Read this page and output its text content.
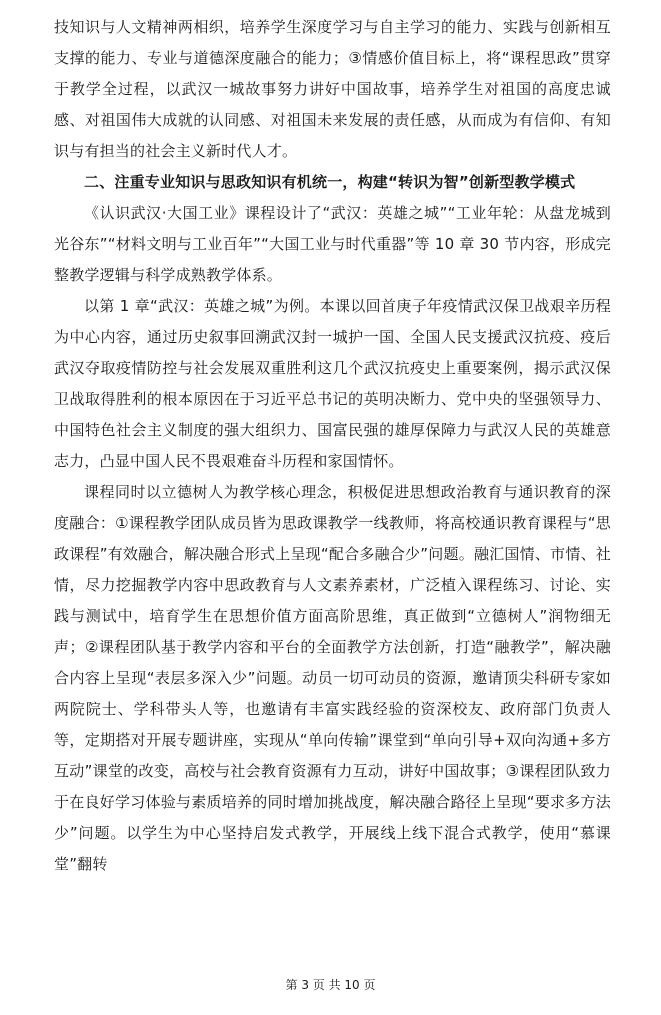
技知识与人文精神两相织，培养学生深度学习与自主学习的能力、实践与创新相互支撑的能力、专业与道德深度融合的能力；③情感价值目标上，将“课程思政”贯穿于教学全过程，以武汉一城故事努力讲好中国故事，培养学生对祖国的高度忠诚感、对祖国伟大成就的认同感、对祖国未来发展的责任感，从而成为有信仰、有知识与有担当的社会主义新时代人才。

二、注重专业知识与思政知识有机统一，构建“转识为智”创新型教学模式

《认识武汉·大国工业》课程设计了“武汉：英雄之城”“工业年轮：从盘龙城到光谷东”“材料文明与工业百年”“大国工业与时代重器”等 10 章 30 节内容，形成完整教学逻辑与科学成熟教学体系。

以第 1 章“武汉：英雄之城”为例。本课以回首庚子年疫情武汉保卫战艰辛历程为中心内容，通过历史叙事回溯武汉封一城护一国、全国人民支援武汉抗疫、疫后武汉夺取疫情防控与社会发展双重胜利这几个武汉抗疫史上重要案例，揭示武汉保卫战取得胜利的根本原因在于习近平总书记的英明决断力、党中央的坚强领导力、中国特色社会主义制度的强大组织力、国富民强的雄厚保障力与武汉人民的英雄意志力，凸显中国人民不畏艰难奋斗历程和家国情怀。

课程同时以立德树人为教学核心理念，积极促进思想政治教育与通识教育的深度融合：①课程教学团队成员皆为思政课教学一线教师，将高校通识教育课程与“思政课程”有效融合，解决融合形式上呈现“配合多融合少”问题。融汇国情、市情、社情，尽力挖掘教学内容中思政教育与人文素养素材，广泛植入课程练习、讨论、实践与测试中，培育学生在思想价值方面高阶思维，真正做到“立德树人”润物细无声；②课程团队基于教学内容和平台的全面教学方法创新，打造“融教学”，解决融合内容上呈现“表层多深入少”问题。动员一切可动员的资源，邀请顶尖科研专家如两院院士、学科带头人等，也邀请有丰富实践经验的资深校友、政府部门负责人等，定期搭对开展专题讲座，实现从“单向传输”课堂到“单向引导+双向沟通+多方互动”课堂的改变，高校与社会教育资源有力互动，讲好中国故事；③课程团队致力于在良好学习体验与素质培养的同时增加挑战度，解决融合路径上呈现“要求多方法少”问题。以学生为中心坚持启发式教学，开展线上线下混合式教学，使用“慕课堂”翻转

第 3 页 共 10 页
